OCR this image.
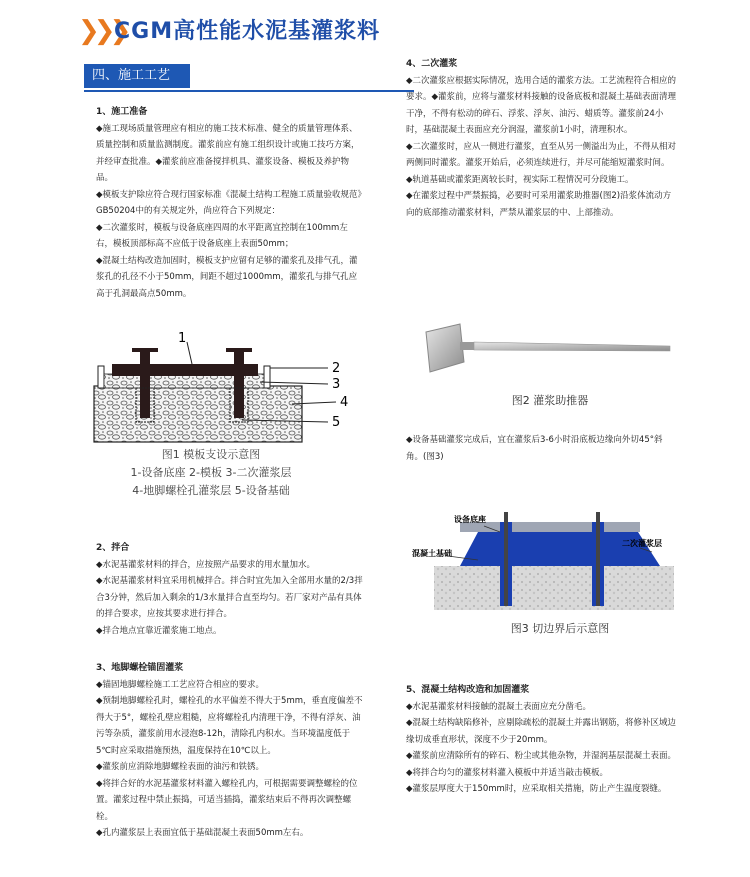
❯❯❯
CGM高性能水泥基灌浆料
四、施工工艺

1、施工准备

◆施工现场质量管理应有相应的施工技术标准、健全的质量管理体系、质量控制和质量监测制度。灌浆前应有施工组织设计或施工技巧方案，并经审查批准。◆灌浆前应准备搅拌机具、灌浆设备、模板及养护物品。

◆模板支护除应符合现行国家标准《混凝土结构工程施工质量验收规范》GB50204中的有关规定外，尚应符合下列规定：

◆二次灌浆时，模板与设备底座四周的水平距离宜控制在100mm左右，模板顶部标高不应低于设备底座上表面50mm；

◆混凝土结构改造加固时，模板支护应留有足够的灌浆孔及排气孔，灌浆孔的孔径不小于50mm，间距不超过1000mm，灌浆孔与排气孔应高于孔洞最高点50mm。

1
2
3
4
5
图1 模板支设示意图
1-设备底座 2-模板 3-二次灌浆层
4-地脚螺栓孔灌浆层 5-设备基础

2、拌合

◆水泥基灌浆材料的拌合，应按照产品要求的用水量加水。

◆水泥基灌浆材料宜采用机械拌合。拌合时宜先加入全部用水量的2/3拌合3分钟，然后加入剩余的1/3水量拌合直至均匀。若厂家对产品有具体的拌合要求，应按其要求进行拌合。

◆拌合地点宜靠近灌浆施工地点。

3、地脚螺栓锚固灌浆

◆锚固地脚螺栓施工工艺应符合相应的要求。

◆预制地脚螺栓孔时，螺栓孔的水平偏差不得大于5mm，垂直度偏差不得大于5°，螺栓孔壁应粗糙，应将螺栓孔内清理干净，不得有浮灰、油污等杂质，灌浆前用水浸泡8-12h，清除孔内积水。当环境温度低于5℃时应采取措施预热，温度保持在10℃以上。

◆灌浆前应消除地脚螺栓表面的油污和铁锈。

◆将拌合好的水泥基灌浆材料灌入螺栓孔内，可根据需要调整螺栓的位置。灌浆过程中禁止振捣，可适当插捣，灌浆结束后不得再次调整螺栓。

◆孔内灌浆层上表面宜低于基础混凝土表面50mm左右。

4、二次灌浆

◆二次灌浆应根据实际情况，选用合适的灌浆方法。工艺流程符合相应的要求。◆灌浆前，应将与灌浆材料接触的设备底板和混凝土基础表面清理干净，不得有松动的碎石、浮浆、浮灰、油污、蜡质等。灌浆前24小时，基础混凝土表面应充分润湿，灌浆前1小时，清理积水。

◆二次灌浆时，应从一侧进行灌浆，直至从另一侧溢出为止，不得从相对两侧同时灌浆。灌浆开始后，必须连续进行，并尽可能缩短灌浆时间。

◆轨道基础或灌浆距离较长时，视实际工程情况可分段施工。

◆在灌浆过程中严禁振捣，必要时可采用灌浆助推器(图2)沿浆体流动方向的底部推动灌浆材料，严禁从灌浆层的中、上部推动。

图2 灌浆助推器

◆设备基础灌浆完成后，宜在灌浆后3-6小时沿底板边缘向外切45°斜角。(图3)

设备底座
混凝土基础
二次灌浆层
图3 切边界后示意图

5、混凝土结构改造和加固灌浆

◆水泥基灌浆材料接触的混凝土表面应充分凿毛。

◆混凝土结构缺陷修补，应剔除疏松的混凝土并露出钢筋，将修补区域边缘切成垂直形状，深度不少于20mm。

◆灌浆前应清除所有的碎石、粉尘或其他杂物，并湿润基层混凝土表面。

◆将拌合均匀的灌浆材料灌入模板中并适当敲击模板。

◆灌浆层厚度大于150mm时，应采取相关措施，防止产生温度裂缝。
